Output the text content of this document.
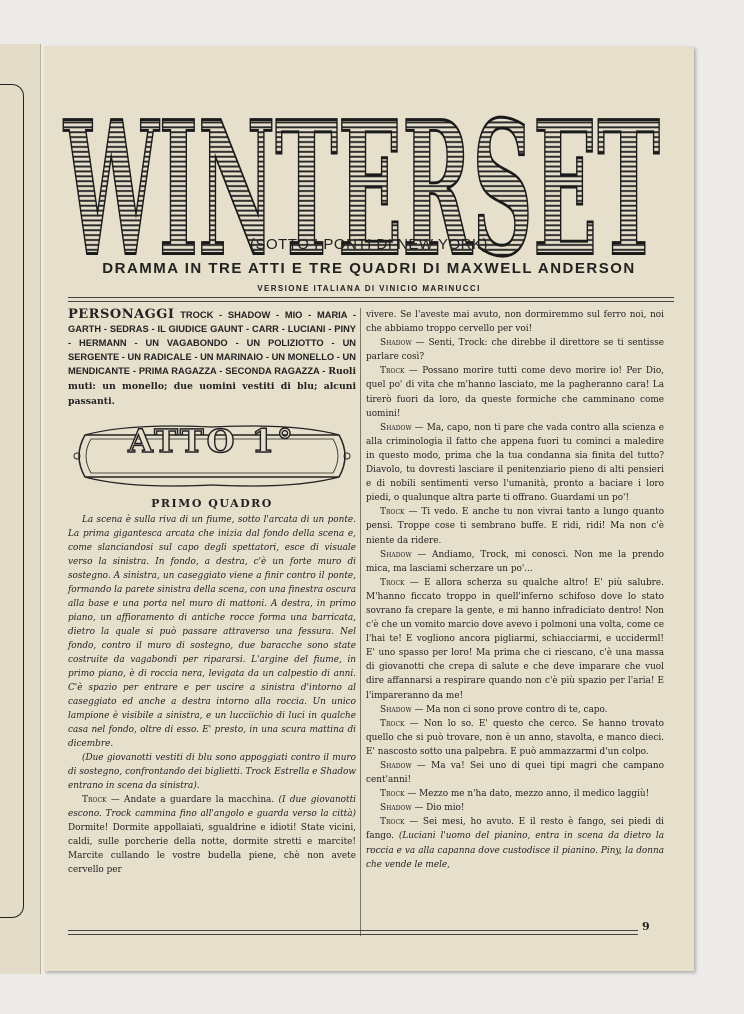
WINTERSET
(SOTTO I PONTI DI NEW YORK)
DRAMMA IN TRE ATTI E TRE QUADRI DI MAXWELL ANDERSON
VERSIONE ITALIANA DI VINICIO MARINUCCI
PERSONAGGI TROCK - SHADOW - MIO - MARIA - GARTH - SEDRAS - IL GIUDICE GAUNT - CARR - LUCIANI - PINY - HERMANN - UN VAGABONDO - UN POLIZIOTTO - UN SERGENTE - UN RADICALE - UN MARINAIO - UN MONELLO - UN MENDICANTE - PRIMA RAGAZZA - SECONDA RAGAZZA - Ruoli muti: un monello; due uomini vestiti di blu; alcuni passanti.
ATTO 1°
PRIMO QUADRO

La scena è sulla riva di un fiume, sotto l'arcata di un ponte. La prima gigantesca arcata che inizia dal fondo della scena e, come slanciandosi sul capo degli spettatori, esce di visuale verso la sinistra. In fondo, a destra, c'è un forte muro di sostegno. A sinistra, un caseggiato viene a finir contro il ponte, formando la parete sinistra della scena, con una finestra oscura alla base e una porta nel muro di mattoni. A destra, in primo piano, un affioramento di antiche rocce forma una barricata, dietro la quale si può passare attraverso una fessura. Nel fondo, contro il muro di sostegno, due baracche sono state costruite da vagabondi per ripararsi. L'argine del fiume, in primo piano, è di roccia nera, levigata da un calpestio di anni. C'è spazio per entrare e per uscire a sinistra d'intorno al caseggiato ed anche a destra intorno alla roccia. Un unico lampione è visibile a sinistra, e un lucciichio di luci in qualche casa nel fondo, oltre di esso. E' presto, in una scura mattina di dicembre.

(Due giovanotti vestiti di blu sono appoggiati contro il muro di sostegno, confrontando dei biglietti. Trock Estrella e Shadow entrano in scena da sinistra).

Trock — Andate a guardare la macchina. (I due giovanotti escono. Trock cammina fino all'angolo e guarda verso la città) Dormite! Dormite appollaiati, sgualdrine e idioti! State vicini, caldi, sulle porcherie della notte, dormite stretti e marcite! Marcite cullando le vostre budella piene, chè non avete cervello per

vivere. Se l'aveste mai avuto, non dormiremmo sul ferro noi, noi che abbiamo troppo cervello per voi!

Shadow — Senti, Trock: che direbbe il direttore se ti sentisse parlare così?

Trock — Possano morire tutti come devo morire io! Per Dio, quel po' di vita che m'hanno lasciato, me la pagheranno cara! La tirerò fuori da loro, da queste formiche che camminano come uomini!

Shadow — Ma, capo, non ti pare che vada contro alla scienza e alla criminologia il fatto che appena fuori tu cominci a maledire in questo modo, prima che la tua condanna sia finita del tutto? Diavolo, tu dovresti lasciare il penitenziario pieno di alti pensieri e di nobili sentimenti verso l'umanità, pronto a baciare i loro piedi, o qualunque altra parte ti offrano. Guardami un po'!

Trock — Ti vedo. E anche tu non vivrai tanto a lungo quanto pensi. Troppe cose ti sembrano buffe. E ridi, ridi! Ma non c'è niente da ridere.

Shadow — Andiamo, Trock, mi conosci. Non me la prendo mica, ma lasciami scherzare un po'...

Trock — E allora scherza su qualche altro! E' più salubre. M'hanno ficcato troppo in quell'inferno schifoso dove lo stato sovrano fa crepare la gente, e mi hanno infradiciato dentro! Non c'è che un vomito marcio dove avevo i polmoni una volta, come ce l'hai te! E vogliono ancora pigliarmi, schiacciarmi, e ucciderml! E' uno spasso per loro! Ma prima che ci riescano, c'è una massa di giovanotti che crepa di salute e che deve imparare che vuol dire affannarsi a respirare quando non c'è più spazio per l'aria! E l'impareranno da me!

Shadow — Ma non ci sono prove contro di te, capo.

Trock — Non lo so. E' questo che cerco. Se hanno trovato quello che si può trovare, non è un anno, stavolta, e manco dieci. E' nascosto sotto una palpebra. E può ammazzarmi d'un colpo.

Shadow — Ma va! Sei uno di quei tipi magri che campano cent'anni!

Trock — Mezzo me n'ha dato, mezzo anno, il medico laggiù!

Shadow — Dio mio!

Trock — Sei mesi, ho avuto. E il resto è fango, sei piedi di fango. (Luciani l'uomo del pianino, entra in scena da dietro la roccia e va alla capanna dove custodisce il pianino. Piny, la donna che vende le mele,

9
